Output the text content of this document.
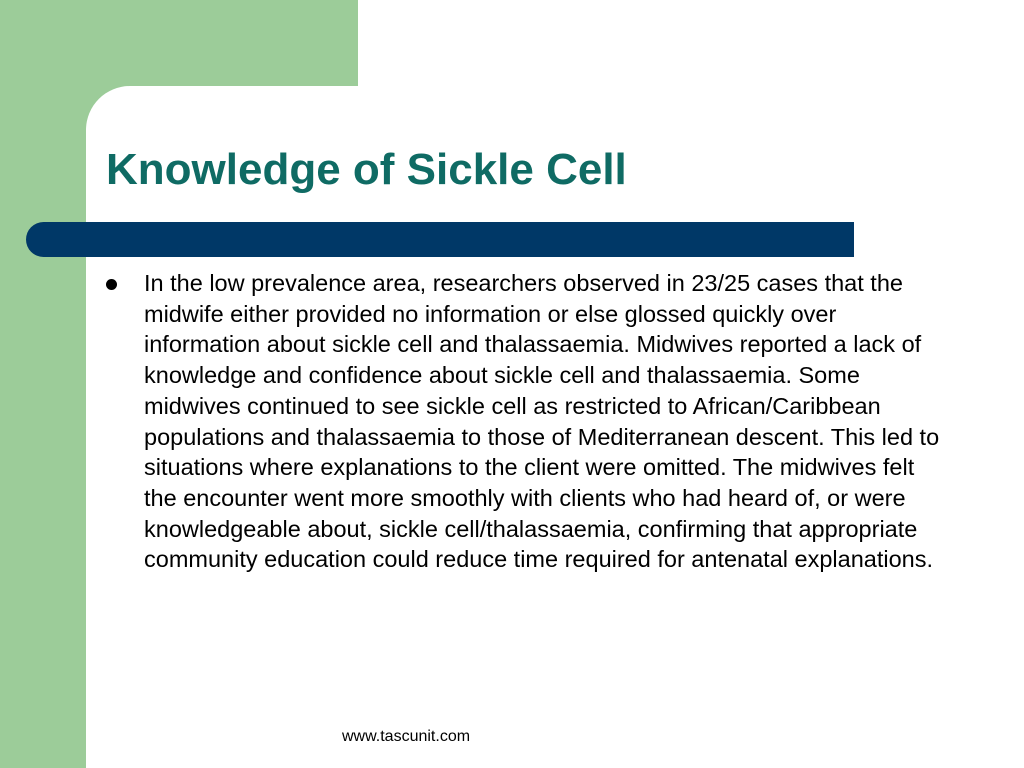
Knowledge of Sickle Cell

In the low prevalence area, researchers observed in 23/25 cases that the midwife either provided no information or else glossed quickly over information about sickle cell and thalassaemia. Midwives reported a lack of knowledge and confidence about sickle cell and thalassaemia. Some midwives continued to see sickle cell as restricted to African/Caribbean populations and thalassaemia to those of Mediterranean descent. This led to situations where explanations to the client were omitted. The midwives felt the encounter went more smoothly with clients who had heard of, or were knowledgeable about, sickle cell/thalassaemia, confirming that appropriate community education could reduce time required for antenatal explanations.

www.tascunit.com
